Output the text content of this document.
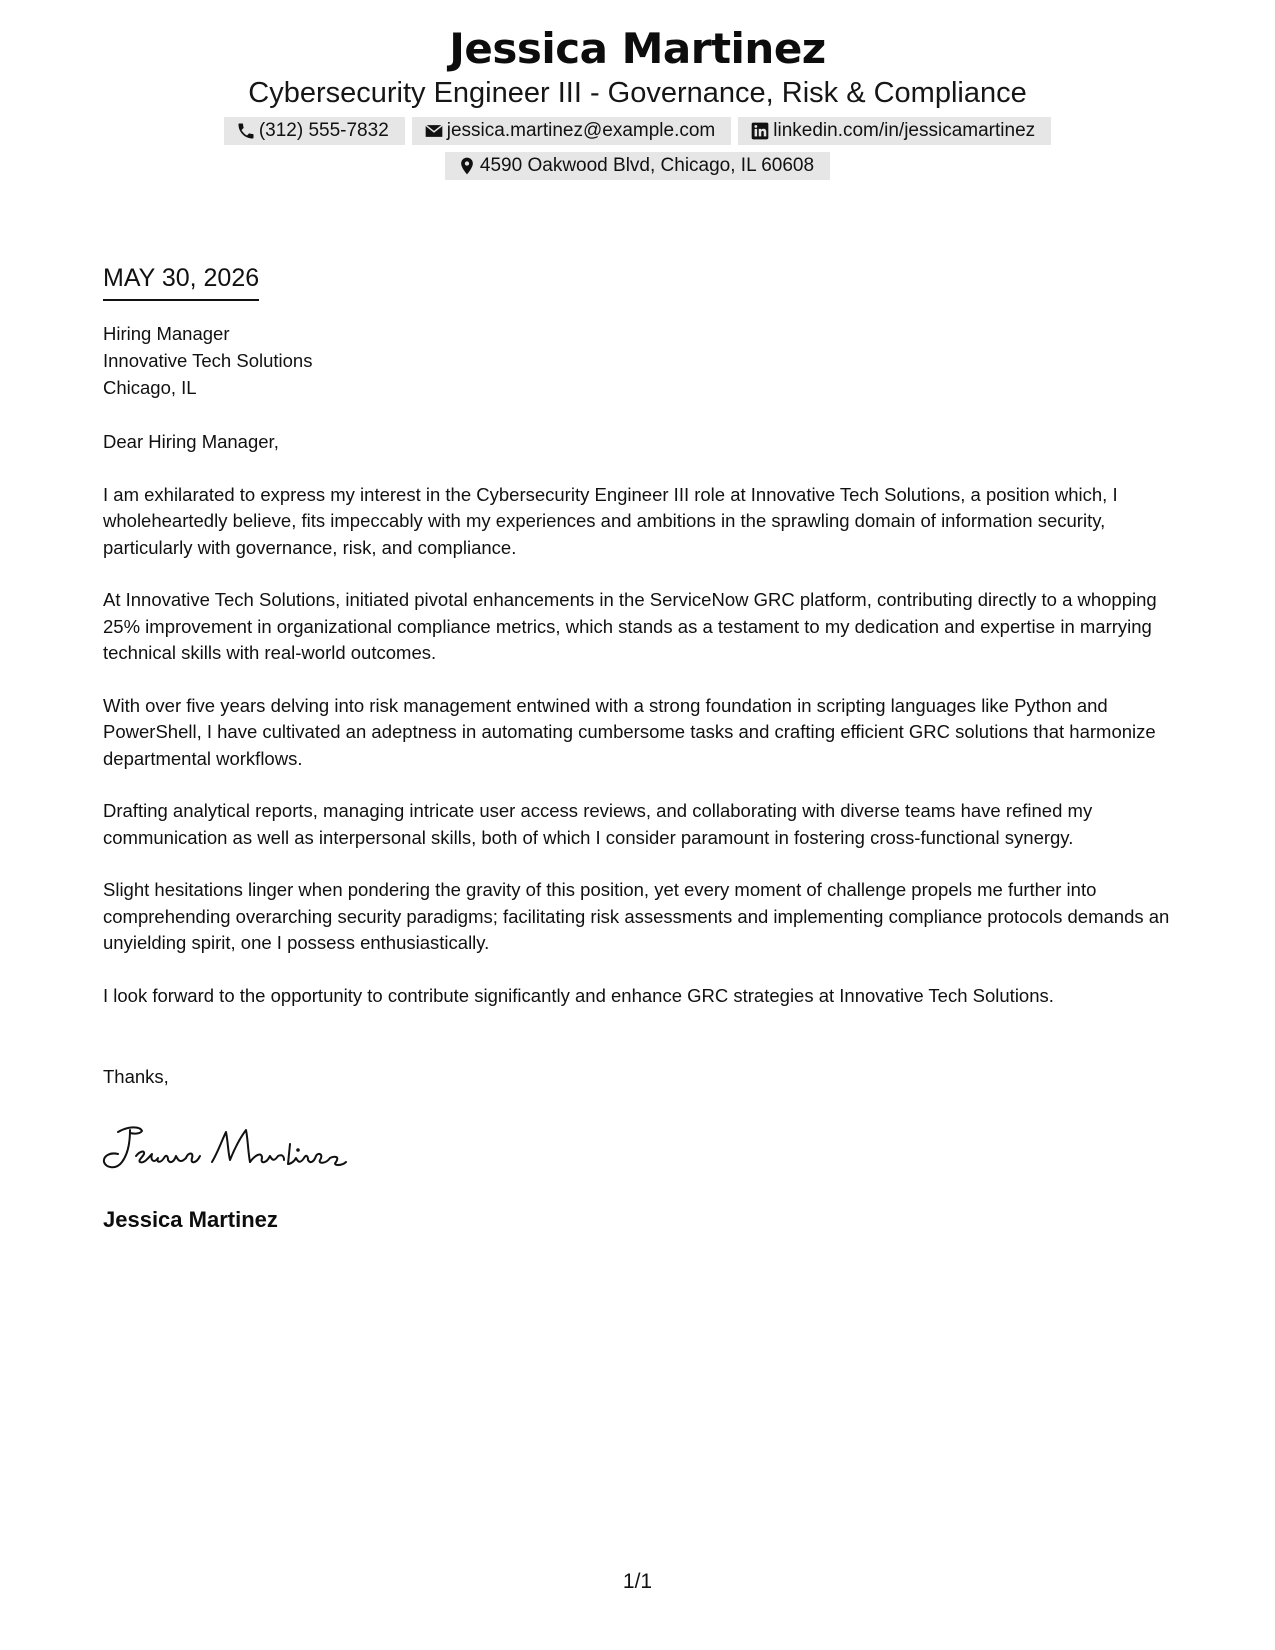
Jessica Martinez
Cybersecurity Engineer III - Governance, Risk & Compliance
(312) 555-7832	jessica.martinez@example.com	linkedin.com/in/jessicamartinez
4590 Oakwood Blvd, Chicago, IL 60608
MAY 30, 2026
Hiring Manager
Innovative Tech Solutions
Chicago, IL

Dear Hiring Manager,

I am exhilarated to express my interest in the Cybersecurity Engineer III role at Innovative Tech Solutions, a position which, I wholeheartedly believe, fits impeccably with my experiences and ambitions in the sprawling domain of information security, particularly with governance, risk, and compliance.

At Innovative Tech Solutions, initiated pivotal enhancements in the ServiceNow GRC platform, contributing directly to a whopping 25% improvement in organizational compliance metrics, which stands as a testament to my dedication and expertise in marrying technical skills with real-world outcomes.

With over five years delving into risk management entwined with a strong foundation in scripting languages like Python and PowerShell, I have cultivated an adeptness in automating cumbersome tasks and crafting efficient GRC solutions that harmonize departmental workflows.

Drafting analytical reports, managing intricate user access reviews, and collaborating with diverse teams have refined my communication as well as interpersonal skills, both of which I consider paramount in fostering cross-functional synergy.

Slight hesitations linger when pondering the gravity of this position, yet every moment of challenge propels me further into comprehending overarching security paradigms; facilitating risk assessments and implementing compliance protocols demands an unyielding spirit, one I possess enthusiastically.

I look forward to the opportunity to contribute significantly and enhance GRC strategies at Innovative Tech Solutions.

Thanks,
Jessica Martinez
1/1
